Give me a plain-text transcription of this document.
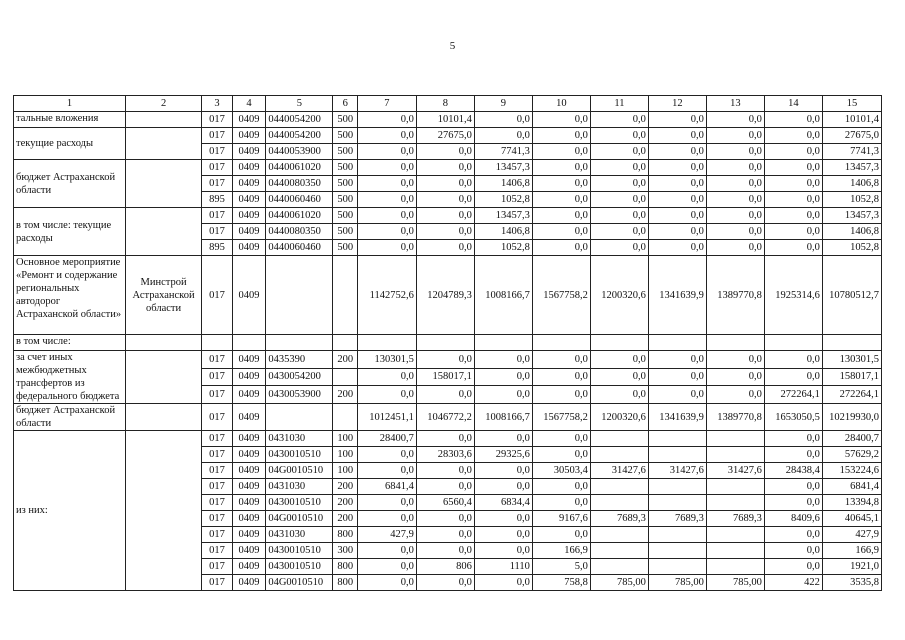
5
1	2	3	4	5	6	7	8	9	10	11	12	13	14	15
тальные вложения		017	0409	0440054200	500	0,0	10101,4	0,0	0,0	0,0	0,0	0,0	0,0	10101,4
текущие расходы		017	0409	0440054200	500	0,0	27675,0	0,0	0,0	0,0	0,0	0,0	0,0	27675,0
		017	0409	0440053900	500	0,0	0,0	7741,3	0,0	0,0	0,0	0,0	0,0	7741,3
бюджет Астраханской области		017	0409	0440061020	500	0,0	0,0	13457,3	0,0	0,0	0,0	0,0	0,0	13457,3
		017	0409	0440080350	500	0,0	0,0	1406,8	0,0	0,0	0,0	0,0	0,0	1406,8
		895	0409	0440060460	500	0,0	0,0	1052,8	0,0	0,0	0,0	0,0	0,0	1052,8
в том числе: текущие расходы		017	0409	0440061020	500	0,0	0,0	13457,3	0,0	0,0	0,0	0,0	0,0	13457,3
		017	0409	0440080350	500	0,0	0,0	1406,8	0,0	0,0	0,0	0,0	0,0	1406,8
		895	0409	0440060460	500	0,0	0,0	1052,8	0,0	0,0	0,0	0,0	0,0	1052,8
Основное мероприятие «Ремонт и содержание региональных автодорог Астраханской области»	Минстрой Астраханской области	017	0409			1142752,6	1204789,3	1008166,7	1567758,2	1200320,6	1341639,9	1389770,8	1925314,6	10780512,7
в том числе:														
за счет иных межбюджетных трансфертов из федерального бюджета		017	0409	0435390	200	130301,5	0,0	0,0	0,0	0,0	0,0	0,0	0,0	130301,5
		017	0409	0430054200		0,0	158017,1	0,0	0,0	0,0	0,0	0,0	0,0	158017,1
		017	0409	0430053900	200	0,0	0,0	0,0	0,0	0,0	0,0	0,0	272264,1	272264,1
бюджет Астраханской области		017	0409			1012451,1	1046772,2	1008166,7	1567758,2	1200320,6	1341639,9	1389770,8	1653050,5	10219930,0
из них:		017	0409	0431030	100	28400,7	0,0	0,0	0,0				0,0	28400,7
		017	0409	0430010510	100	0,0	28303,6	29325,6	0,0				0,0	57629,2
		017	0409	04G0010510	100	0,0	0,0	0,0	30503,4	31427,6	31427,6	31427,6	28438,4	153224,6
		017	0409	0431030	200	6841,4	0,0	0,0	0,0				0,0	6841,4
		017	0409	0430010510	200	0,0	6560,4	6834,4	0,0				0,0	13394,8
		017	0409	04G0010510	200	0,0	0,0	0,0	9167,6	7689,3	7689,3	7689,3	8409,6	40645,1
		017	0409	0431030	800	427,9	0,0	0,0	0,0				0,0	427,9
		017	0409	0430010510	300	0,0	0,0	0,0	166,9				0,0	166,9
		017	0409	0430010510	800	0,0	806	1110	5,0				0,0	1921,0
		017	0409	04G0010510	800	0,0	0,0	0,0	758,8	785,00	785,00	785,00	422	3535,8
